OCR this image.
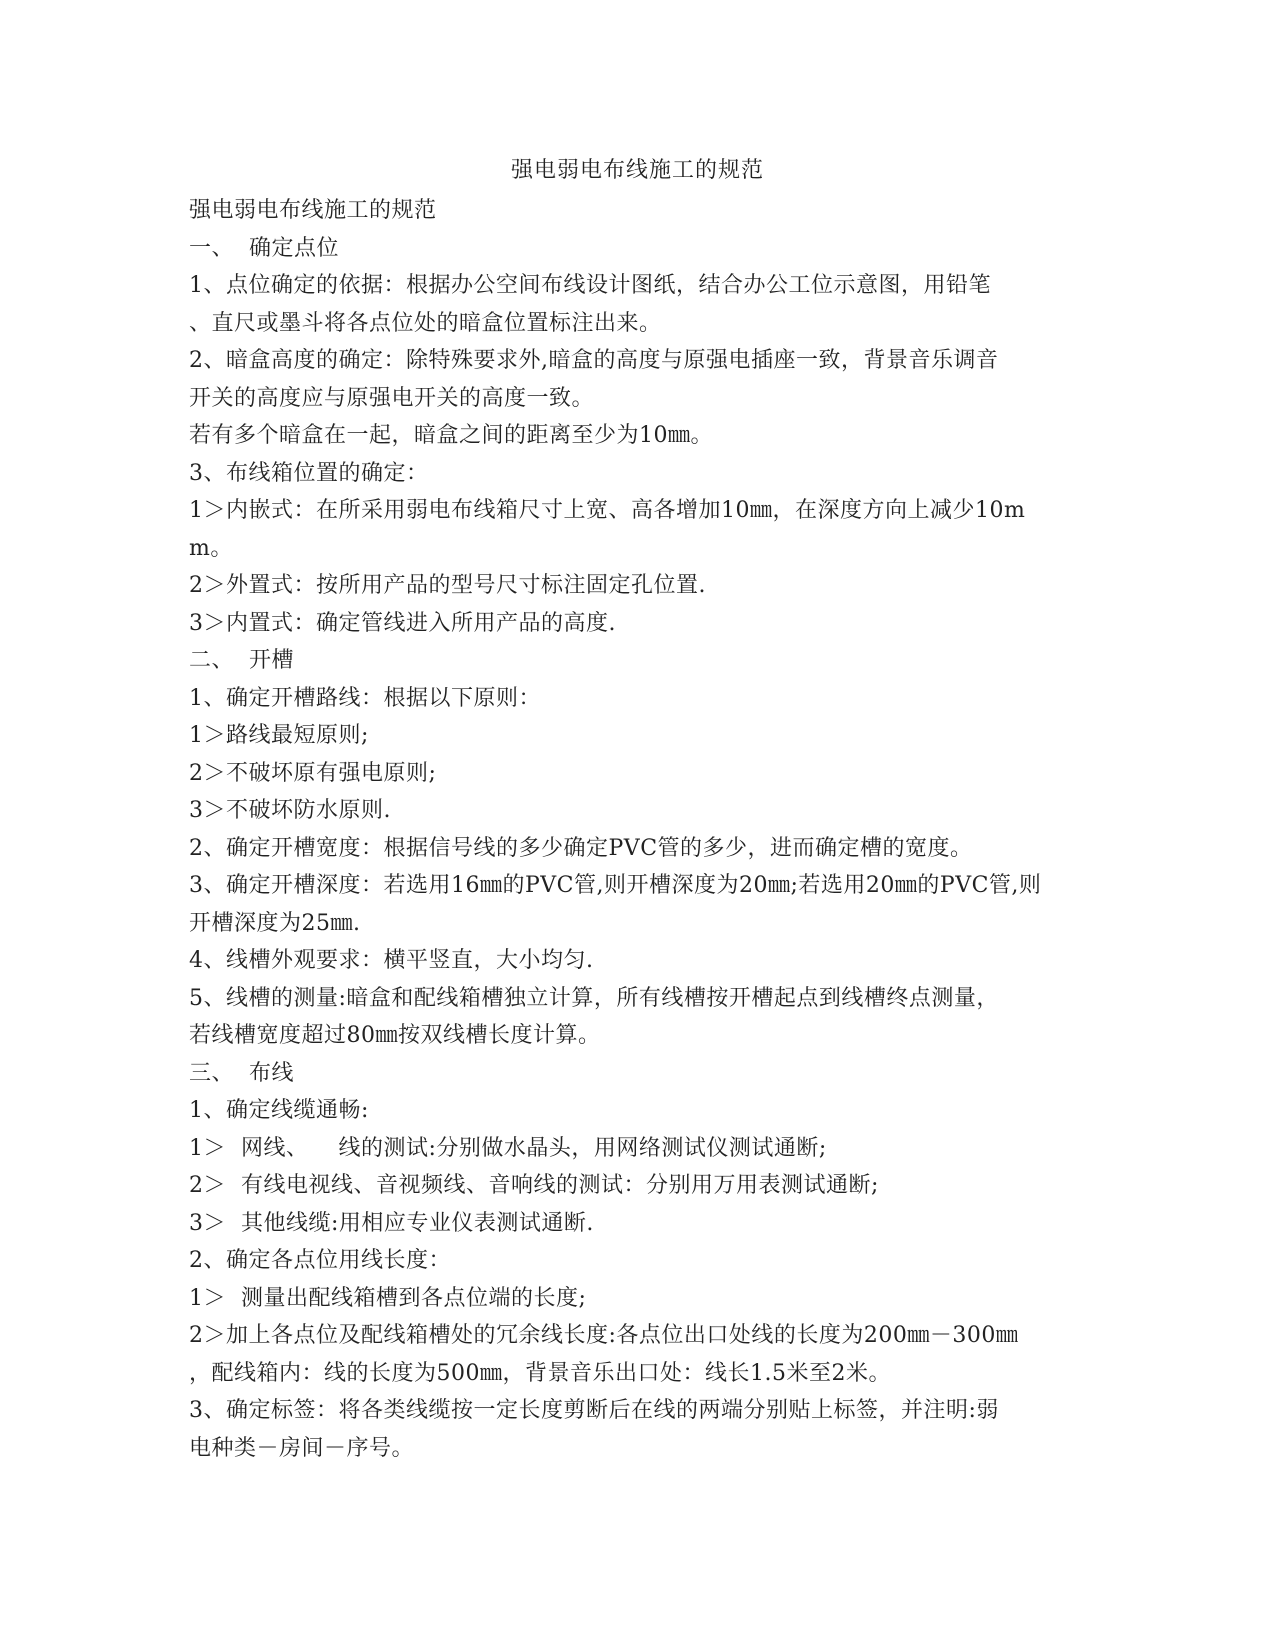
强电弱电布线施工的规范
强电弱电布线施工的规范
一、  确定点位
1、点位确定的依据：根据办公空间布线设计图纸，结合办公工位示意图，用铅笔
、直尺或墨斗将各点位处的暗盒位置标注出来。
2、暗盒高度的确定：除特殊要求外,暗盒的高度与原强电插座一致，背景音乐调音
开关的高度应与原强电开关的高度一致。
若有多个暗盒在一起，暗盒之间的距离至少为10㎜。
3、布线箱位置的确定：
1＞内嵌式：在所采用弱电布线箱尺寸上宽、高各增加10㎜，在深度方向上减少10m
m。
2＞外置式：按所用产品的型号尺寸标注固定孔位置.
3＞内置式：确定管线进入所用产品的高度.
二、  开槽
1、确定开槽路线：根据以下原则：
1＞路线最短原则;
2＞不破坏原有强电原则;
3＞不破坏防水原则.
2、确定开槽宽度：根据信号线的多少确定PVC管的多少，进而确定槽的宽度。
3、确定开槽深度：若选用16㎜的PVC管,则开槽深度为20㎜;若选用20㎜的PVC管,则
开槽深度为25㎜.
4、线槽外观要求：横平竖直，大小均匀.
5、线槽的测量:暗盒和配线箱槽独立计算，所有线槽按开槽起点到线槽终点测量，
若线槽宽度超过80㎜按双线槽长度计算。
三、  布线
1、确定线缆通畅:
1＞  网线、    线的测试:分别做水晶头，用网络测试仪测试通断;
2＞  有线电视线、音视频线、音响线的测试：分别用万用表测试通断;
3＞  其他线缆:用相应专业仪表测试通断.
2、确定各点位用线长度：
1＞  测量出配线箱槽到各点位端的长度;
2＞加上各点位及配线箱槽处的冗余线长度:各点位出口处线的长度为200㎜－300㎜
，配线箱内：线的长度为500㎜，背景音乐出口处：线长1.5米至2米。
3、确定标签：将各类线缆按一定长度剪断后在线的两端分别贴上标签，并注明:弱
电种类－房间－序号。
